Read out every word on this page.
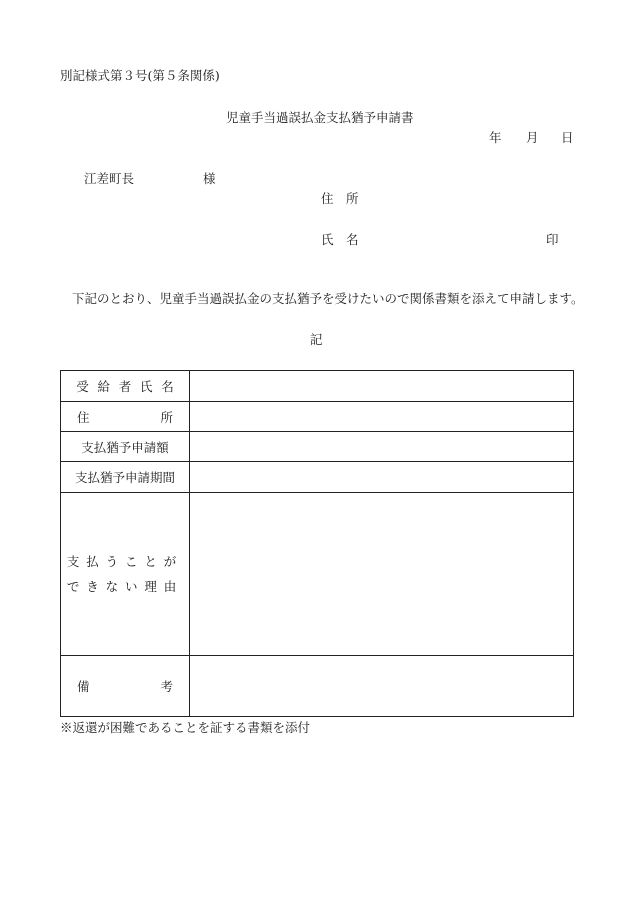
別記様式第３号(第５条関係)
児童手当過誤払金支払猶予申請書
年 月 日
江差町長	様
住　所
氏　名	印
下記のとおり、児童手当過誤払金の支払猶予を受けたいので関係書類を添えて申請します。
記
受給者氏名	

住 所	

支払猶予申請額	
支払猶予申請期間	

支払うことが
できない理由	

備 考	

※返還が困難であることを証する書類を添付
